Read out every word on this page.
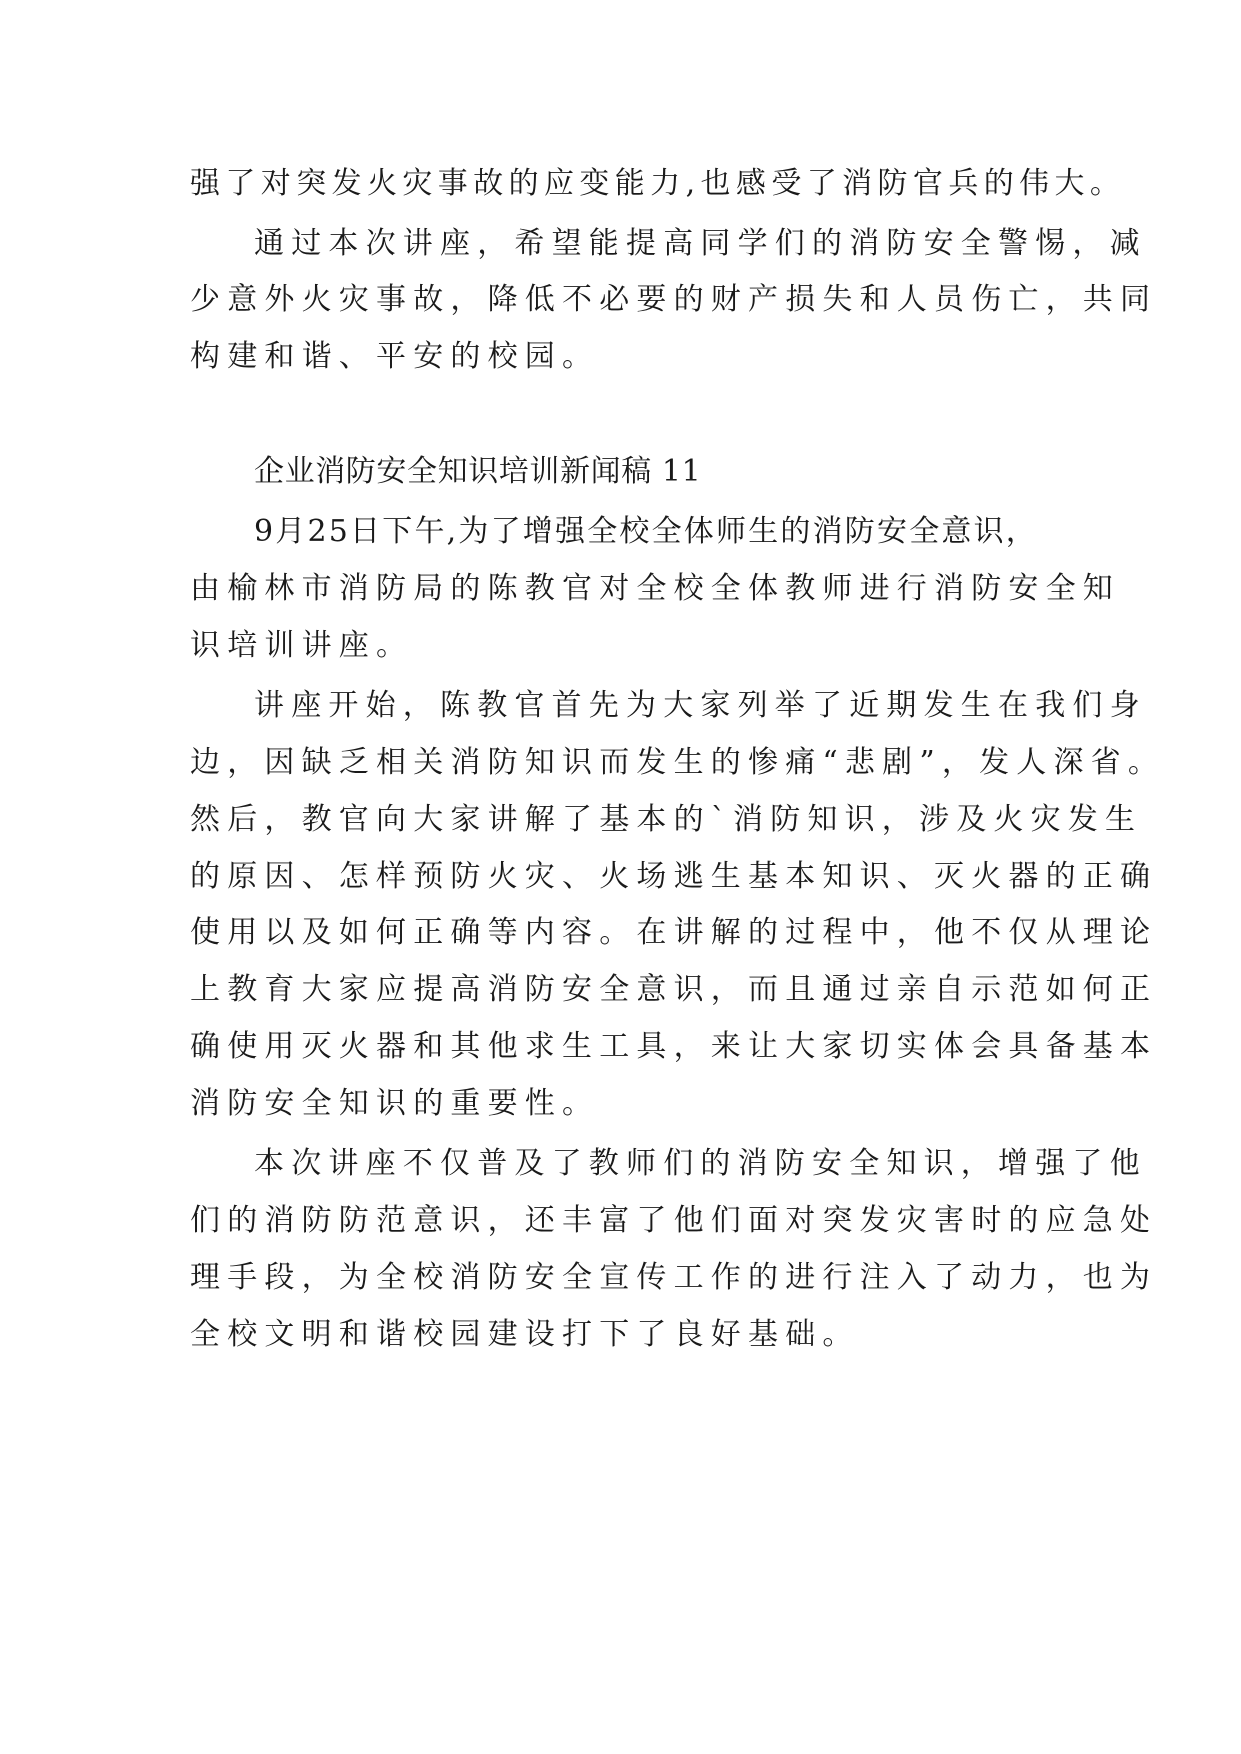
强了对突发火灾事故的应变能力,也感受了消防官兵的伟大。

通过本次讲座，希望能提高同学们的消防安全警惕，减

少意外火灾事故，降低不必要的财产损失和人员伤亡，共同

构建和谐、平安的校园。

企业消防安全知识培训新闻稿 11

9月25日下午,为了增强全校全体师生的消防安全意识，

由榆林市消防局的陈教官对全校全体教师进行消防安全知

识培训讲座。

讲座开始，陈教官首先为大家列举了近期发生在我们身

边，因缺乏相关消防知识而发生的惨痛“悲剧”，发人深省。

然后，教官向大家讲解了基本的`消防知识，涉及火灾发生

的原因、怎样预防火灾、火场逃生基本知识、灭火器的正确

使用以及如何正确等内容。在讲解的过程中，他不仅从理论

上教育大家应提高消防安全意识，而且通过亲自示范如何正

确使用灭火器和其他求生工具，来让大家切实体会具备基本

消防安全知识的重要性。

本次讲座不仅普及了教师们的消防安全知识，增强了他

们的消防防范意识，还丰富了他们面对突发灾害时的应急处

理手段，为全校消防安全宣传工作的进行注入了动力，也为

全校文明和谐校园建设打下了良好基础。
